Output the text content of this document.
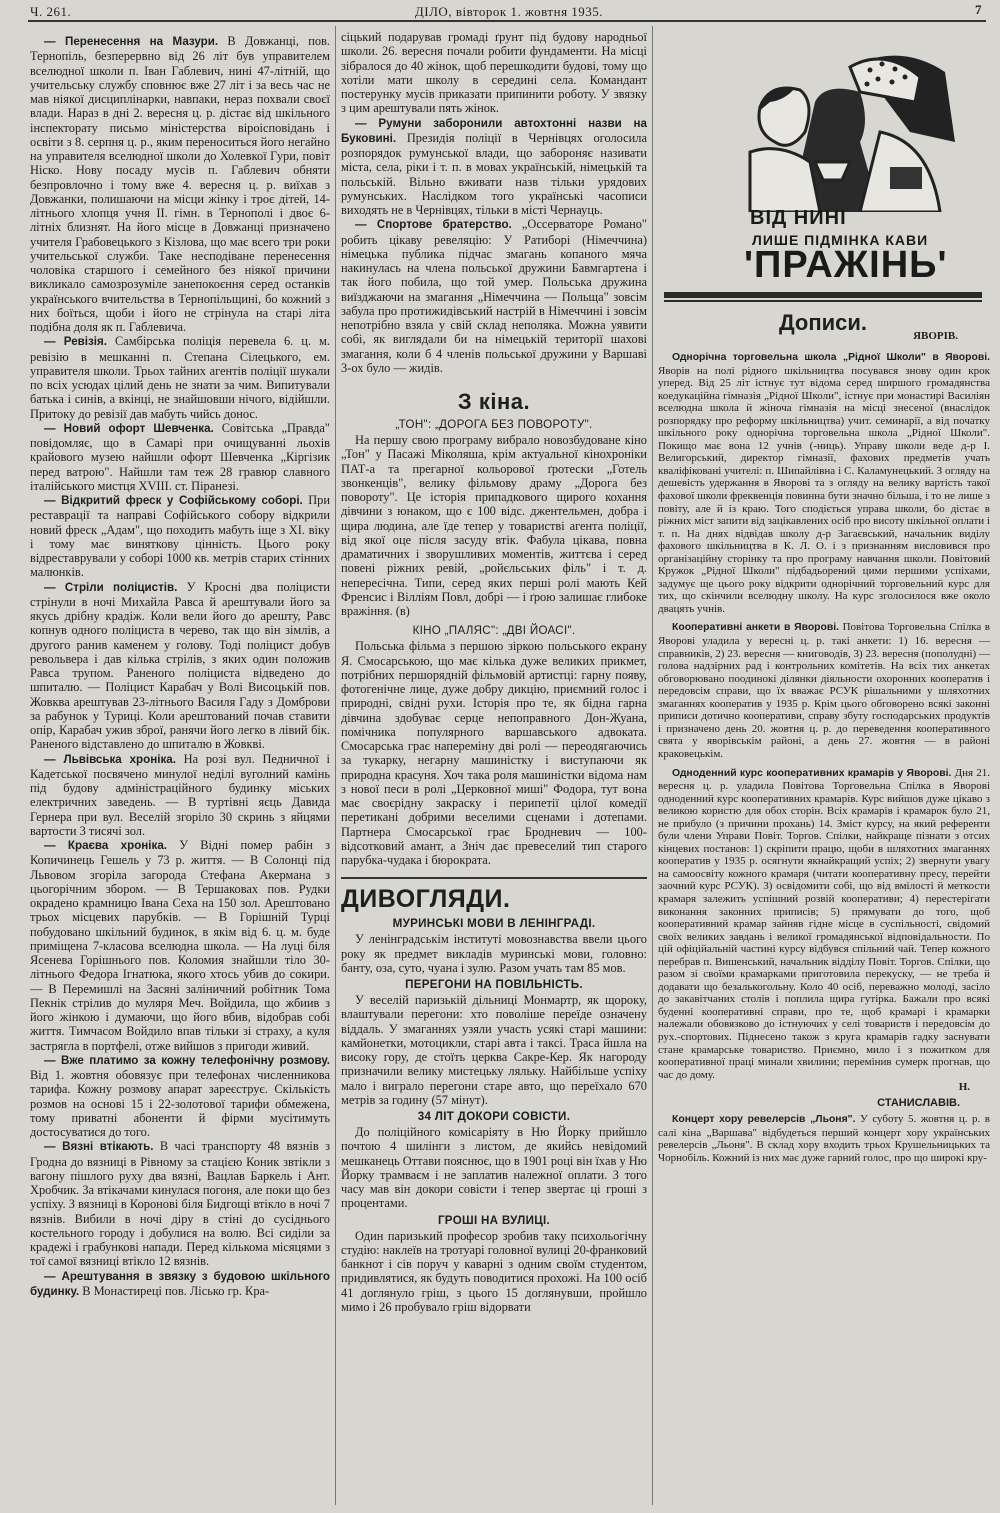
Ч. 261.	ДІЛО, вівторок 1. жовтня 1935.	7

— Перенесення на Мазури. В Довжанці, пов. Тернопіль, безперервно від 26 літ був управителем вселюдної школи п. Іван Габлевич, нині 47-літній, що учительську службу сповнює вже 27 літ і за весь час не мав ніякої дисциплінарки, навпаки, нераз похвали своєї влади. Нараз в дні 2. вересня ц. р. дістає від шкільного інспекторату письмо міністерства віроісповідань і освіти з 8. серпня ц. р., яким переноситься його негайно на управителя вселюдної школи до Холевкої Гури, повіт Ніско. Нову посаду мусів п. Габлевич обняти безпровлочно і тому вже 4. вересня ц. р. виїхав з Довжанки, полишаючи на місци жінку і троє дітей, 14-літнього хлопця учня II. гімн. в Тернополі і двоє 6-літніх близнят. На його місце в Довжанці призначено учителя Грабовецького з Кізлова, що має всего три роки учительської служби. Таке несподіване перенесення чоловіка старшого і семейного без ніякої причини викликало самозрозуміле занепокоєння серед останків українського вчительства в Тернопільщині, бо кожний з них боїться, щоби і його не стрінула на старі літа подібна доля як п. Габлевича.

— Ревізія. Самбірська поліція перевела 6. ц. м. ревізію в мешканні п. Степана Сілецького, ем. управителя школи. Трьох тайних агентів поліції шукали по всіх усюдах цілий день не знати за чим. Випитували батька і синів, а вкінці, не знайшовши нічого, відійшли. Притоку до ревізії дав мабуть чийсь донос.

— Новий офорт Шевченка. Совітська „Правда" повідомляє, що в Самарі при очищуванні льохів крайового музею найшли офорт Шевченка „Кіргізик перед ватрою". Найшли там теж 28 гравюр славного італійського мистця XVIII. ст. Піранезі.

— Відкритий фреск у Софійському соборі. При реставрації та направі Софійського собору відкрили новий фреск „Адам", що походить мабуть іще з XI. віку і тому має виняткову цінність. Цього року відреставрували у соборі 1000 кв. метрів старих стінних малюнків.

— Стріли поліцистів. У Кросні два поліцисти стрінули в ночі Михайла Равса й арештували його за якусь дрібну крадіж. Коли вели його до арешту, Равс копнув одного поліциста в черево, так що він зімлів, а другого ранив каменем у голову. Тоді поліцист добув револьвера і дав кілька стрілів, з яких один положив Равса трупом. Раненого поліциста відведено до шпиталю. — Поліцист Карабач у Волі Висоцькій пов. Жовква арештував 23-літнього Василя Гаду з Домброви за рабунок у Туриці. Коли арештований почав ставити опір, Карабач ужив зброї, ранячи його легко в лівий бік. Раненого відставлено до шпиталю в Жовкві.

— Львівська хроніка. На розі вул. Педничної і Кадетської посвячено минулої неділі вуголний камінь під будову адміністраційного будинку міських електричних заведень. — В туртівні яєць Давида Гернера при вул. Веселій згоріло 30 скринь з яйцями вартости 3 тисячі зол.

— Краєва хроніка. У Відні помер рабін з Копичинець Гешель у 73 р. життя. — В Солонці під Львовом згоріла загорода Стефана Акермана з цьогорічним збором. — В Тершаковах пов. Рудки окрадено крамницю Івана Сеха на 150 зол. Арештовано трьох місцевих парубків. — В Горішній Турці побудовано шкільний будинок, в якім від 6. ц. м. буде приміщена 7-класова вселюдна школа. — На луці біля Ясенева Горішнього пов. Коломия знайшли тіло 30-літнього Федора Ігнатюка, якого хтось убив до сокири. — В Перемишлі на Засяні заліничний робітник Тома Пекнік стрілив до муляря Меч. Войдила, що жбиив з його жінкою і думаючи, що його вбив, відобрав собі життя. Тимчасом Войдило впав тільки зі страху, а куля застрягла в портфелі, отже вийшов з пригоди живий.

— Вже платимо за кожну телефонічну розмову. Від 1. жовтня обовязує при телефонах численникова тарифа. Кожну розмову апарат зареєструє. Скількість розмов на основі 15 і 22-золотової тарифи обмежена, тому приватні абоненти й фірми мусітимуть достосуватися до того.

— Вязні втікають. В часі транспорту 48 вязнів з Гродна до вязниці в Рівному за стацією Коник звтікли з вагону пішлого руху два вязні, Вацлав Баркель і Ант. Хробчик. За втікачами кинулася погоня, але поки що без успіху. З вязниці в Короновi біля Бидгощі втікло в ночі 7 вязнів. Вибили в ночі діру в стіні до сусіднього костельного городу і добулися на волю. Всі сиділи за крадежі і грабункові напади. Перед кількома місяцями з тої самої вязниці втікло 12 вязнів.

— Арештування в звязку з будовою шкільного будинку. В Монастиреці пов. Лісько гр. Кра-

сіцький подарував громаді ґрунт під будову народньої школи. 26. вересня почали робити фундаменти. На місці зібралося до 40 жінок, щоб перешкодити будові, тому що хотіли мати школу в середині села. Командант постерунку мусів приказати припинити роботу. У звязку з цим арештували пять жінок.

— Румуни заборонили автохтонні назви на Буковині. Президія поліції в Чернівцях оголосила розпорядок румунської влади, що забороняє називати міста, села, ріки і т. п. в мовах українській, німецькій та польській. Вільно вживати назв тільки урядових румунських. Наслідком того українські часописи виходять не в Чернівцях, тільки в місті Чернауць.

— Спортове братерство. „Оссерваторе Романо" робить цікаву ревеляцію: У Ратиборі (Німеччина) німецька публика підчас змагань копаного мяча накинулась на члена польської дружини Бавмгартена і так його побила, що той умер. Польська дружина виїзджаючи на змагання „Німеччина — Польща" зовсім забула про протижидівський настрій в Німеччині і зовсім непотрібно взяла у свій склад неполяка. Можна уявити собі, як виглядали би на німецькій території шахові змагання, коли б 4 членів польської дружини у Варшаві 3-ох було — жидів.

З кіна.
„ТОН": „ДОРОГА БЕЗ ПОВОРОТУ".

На першу свою програму вибрало новозбудоване кіно „Тон" у Пасажі Міколяша, крім актуальної кінохроніки ПАТ-а та прегарної кольорової ґротески „Готель звонкенців", велику фільмову драму „Дорога без повороту". Це історія припадкового щирого кохання дівчини з юнаком, що є 100 відс. джентельмен, добра і щира людина, але їде тепер у товаристві агента поліції, від якої оце після засуду втік. Фабула цікава, повна драматичних і зворушливих моментів, життєва і серед повені ріжних ревій, „ройєльських філь" і т. д. непересічна. Типи, серед яких перші ролі мають Кей Френсис і Вілліям Повл, добрі — і ґрою залишає глибоке вражіння. (в)

КІНО „ПАЛЯС": „ДВІ ЙОАСІ".

Польська фільма з першою зіркою польського екрану Я. Смосарською, що має кілька дуже великих прикмет, потрібних першорядній фільмовій артистці: гарну появу, фотогенічне лице, дуже добру дикцію, приємний голос і природні, свідні рухи. Історія про те, як бідна гарна дівчина здобуває серце непоправного Дон-Жуана, помічника популярного варшавського адвоката. Смосарська грає напереміну дві ролі — переодягаючись за тукарку, негарну машиністку і виступаючи як природна красуня. Хоч така роля машиністки відома нам з нової песи в ролі „Церковної миші" Фодора, тут вона має своєрідну закраску і перипетії цілої комедії перетикані добрими веселими сценами і дотепами. Партнера Смосарської грає Бродневич — 100-відсотковий амант, а Зніч дає превеселий тип старого парубка-чудака і бюрократа.

ДИВОГЛЯДИ.
МУРИНСЬКІ МОВИ В ЛЕНІНГРАДІ.

У ленінградськім інституті мовознавства ввели цього року як предмет викладів муринські мови, головно: банту, оза, суто, чуана і зулю. Разом учать там 85 мов.

ПЕРЕГОНИ НА ПОВІЛЬНІСТЬ.

У веселій паризькій дільниці Монмартр, як щороку, влаштували перегони: хто поволіше переїде означену віддаль. У змаганнях узяли участь усякі старі машини: камйонетки, мотоцикли, старі авта і таксі. Траса йшла на високу гору, де стоїть церква Сакре-Кер. Як нагороду призначили велику мистецьку ляльку. Найбільше успіху мало і виграло перегони старе авто, що переїхало 670 метрів за годину (57 мінут).

34 ЛІТ ДОКОРИ СОВІСТИ.

До поліційного комісаріяту в Ню Йорку прийшло почтою 4 шилінги з листом, де якийсь невідомий мешканець Оттави пояснює, що в 1901 році він їхав у Ню Йорку трамваєм і не заплатив належної оплати. З того часу мав він докори совісти і тепер звертає ці гроші з процентами.

ГРОШІ НА ВУЛИЦІ.

Один паризький професор зробив таку психольогічну студію: наклеїв на тротуарі головної вулиці 20-франковий банкнот і сів поруч у каварні з одним своїм студентом, придивлятися, як будуть поводитися прохожі. На 100 осіб 41 доглянуло гріш, з цього 15 доглянувши, пройшло мимо і 26 пробувало гріш відорвати

ВІД НИНІ
ЛИШЕ ПІДМІНКА КАВИ
'ПРАЖІНЬ'
Дописи.
ЯВОРІВ.

Однорічна торговельна школа „Рідної Школи" в Яворові. Яворів на полі рідного шкільництва посувався знову один крок уперед. Від 25 літ істнує тут відома серед ширшого громадянства коедукаційна гімназія „Рідної Школи", істнує при монастирі Василіян вселюдна школа й жіноча гімназія на місці знесеної (внаслідок розпорядку про реформу шкільництва) учит. семинарії, а від початку шкільного року однорічна торговельна школа „Рідної Школи". Покищо має вона 12 учнів (-ниць). Управу школи веде д-р І. Велигорський, директор гімназії, фахових предметів учать кваліфіковані учителі: п. Шипайлівна і С. Каламунецький. З огляду на дешевість удержання в Яворові та з огляду на велику вартість такої фахової школи фреквенція повинна бути значно більша, і то не лише з повіту, але й із краю. Того сподіється управа школи, бо дістає в ріжних міст запити від зацікавлених осіб про висоту шкільної оплати і т. п. На днях відвідав школу д-р Загаєвський, начальник виділу фахового шкільництва в К. Л. О. і з признанням висловився про організаційну сторінку та про програму навчання школи. Повітовий Кружок „Рідної Школи" підбадьорений цими першими успіхами, задумує ще цього року відкрити однорічний торговельний курс для тих, що скінчили вселюдну школу. На курс зголосилося вже около двацять учнів.

Кооперативні анкети в Яворові. Повітова Торговельна Спілка в Яворові уладила у вересні ц. р. такі анкети: 1) 16. вересня — справників, 2) 23. вересня — книговодів, 3) 23. вересня (пополудні) — голова надзірних рад і контрольних комітетів. На всіх тих анкетах обговорювано поодинокі ділянки діяльности охоронних кооператив і передовсім справи, що їх вважає РСУК рішальними у шляхотних змаганнях кооператив у 1935 р. Крім цього обговорено всякі законні приписи дотично кооперативи, справу збуту господарських продуктів і призначено день 20. жовтня ц. р. до переведення кооперативного свята у яворівськім районі, а день 27. жовтня — в районі краковецькім.

Одноденний курс кооперативних крамарів у Яворові. Дня 21. вересня ц. р. уладила Повітова Торговельна Спілка в Яворові одноденний курс кооперативних крамарів. Курс вийшов дуже цікаво з великою користю для обох сторін. Всіх крамарів і крамарок було 21, не прибуло (з причини прохань) 14. Зміст курсу, на який референти були члени Управи Повіт. Торгов. Спілки, найкраще пізнати з отсих кінцевих постанов: 1) скріпити працю, щоби в шляхотних змаганнях кооператив у 1935 р. осягнути якнайкращий успіх; 2) звернути увагу на самоосвіту кожного крамаря (читати кооперативну пресу, перейти заочний курс РСУК). 3) освідомити собі, що від вмілості й меткости крамаря залежить успішний розвій кооперативи; 4) перестерігати виконання законних приписів; 5) прямувати до того, щоб кооперативний крамар зайняв гідне місце в суспільності, свідомий своїх великих завдань і великої громадянської відповідальности. По цій офіційальній частині курсу відбувся спільний чай. Тепер кожного перебрав п. Вишенський, начальник відділу Повіт. Торгов. Спілки, що разом зі своїми крамарками приготовила перекуску, — не треба й додавати що безалькогольну. Коло 40 осіб, переважно молоді, засіло до закавітчаних столів і поплила щира гутірка. Бажали про всякі буденні кооперативні справи, про те, щоб крамарі і крамарки належали обовязково до істнуючих у селі товариств і передовсім до рух.-спортових. Піднесено також з круга крамарів гадку заснувати стане крамарське товариство. Приємно, мило і з пожитком для кооперативної праці минали хвилини; перемінив сумерк прогнав, що час до дому.

Н.
СТАНИСЛАВІВ.

Концерт хору ревелерсів „Льоня". У суботу 5. жовтня ц. р. в салі кіна „Варшава" відбудеться перший концерт хору українських ревелерсів „Льоня". В склад хору входить трьох Крушельницьких та Чорнобіль. Кожний із них має дуже гарний голос, про що широкі кру-
